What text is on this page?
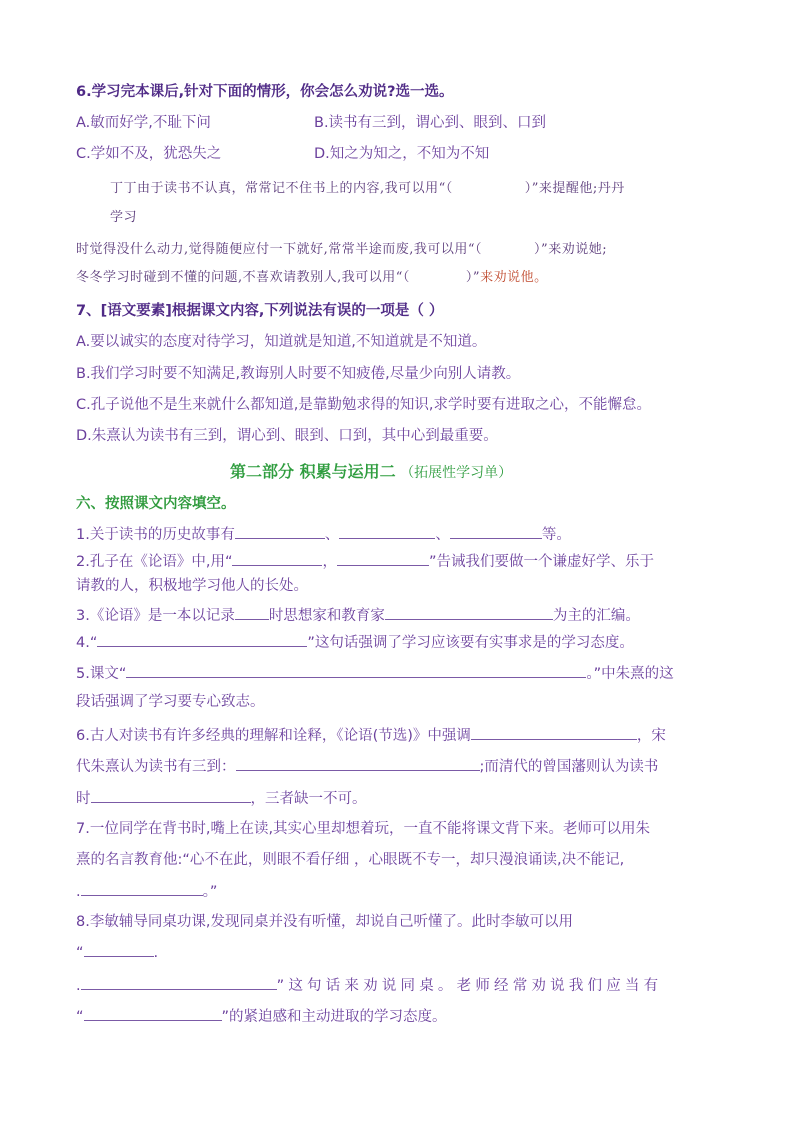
6.学习完本课后,针对下面的情形，你会怎么劝说?选一选。
A.敏而好学,不耻下问	B.读书有三到，谓心到、眼到、口到
C.学如不及，犹恐失之	D.知之为知之，不知为不知
丁丁由于读书不认真，常常记不住书上的内容,我可以用“（	）”来提醒他;丹丹
学习
时觉得没什么动力,觉得随便应付一下就好,常常半途而废,我可以用“（	）”来劝说她;
冬冬学习时碰到不懂的问题,不喜欢请教别人,我可以用“（	）”来劝说他。
7、[语文要素]根据课文内容,下列说法有误的一项是（ ）
A.要以诚实的态度对待学习，知道就是知道,不知道就是不知道。
B.我们学习时要不知满足,教诲别人时要不知疲倦,尽量少向别人请教。
C.孔子说他不是生来就什么都知道,是靠勤勉求得的知识,求学时要有进取之心，不能懈怠。
D.朱熹认为读书有三到，谓心到、眼到、口到，其中心到最重要。
第二部分 积累与运用二 （拓展性学习单）
六、按照课文内容填空。
1.关于读书的历史故事有	、	、	等。
2.孔子在《论语》中,用“	，	”告诫我们要做一个谦虚好学、乐于
请教的人，积极地学习他人的长处。
3.《论语》是一本以记录 时思想家和教育家	为主的汇编。
4.“	”这句话强调了学习应该要有实事求是的学习态度。
5.课文“	。”中朱熹的这
段话强调了学习要专心致志。
6.古人对读书有许多经典的理解和诠释，《论语(节选)》中强调	，宋
代朱熹认为读书有三到：	;而清代的曾国藩则认为读书
时	，三者缺一不可。
7.一位同学在背书时,嘴上在读,其实心里却想着玩，一直不能将课文背下来。老师可以用朱
熹的名言教育他:“心不在此，则眼不看仔细 ，心眼既不专一，却只漫浪诵读,决不能记,
.	。”
8.李敏辅导同桌功课,发现同桌并没有听懂，却说自己听懂了。此时李敏可以用
“	.
.	”这句话来劝说同桌。老师经常劝说我们应当有
“	”的紧迫感和主动进取的学习态度。
